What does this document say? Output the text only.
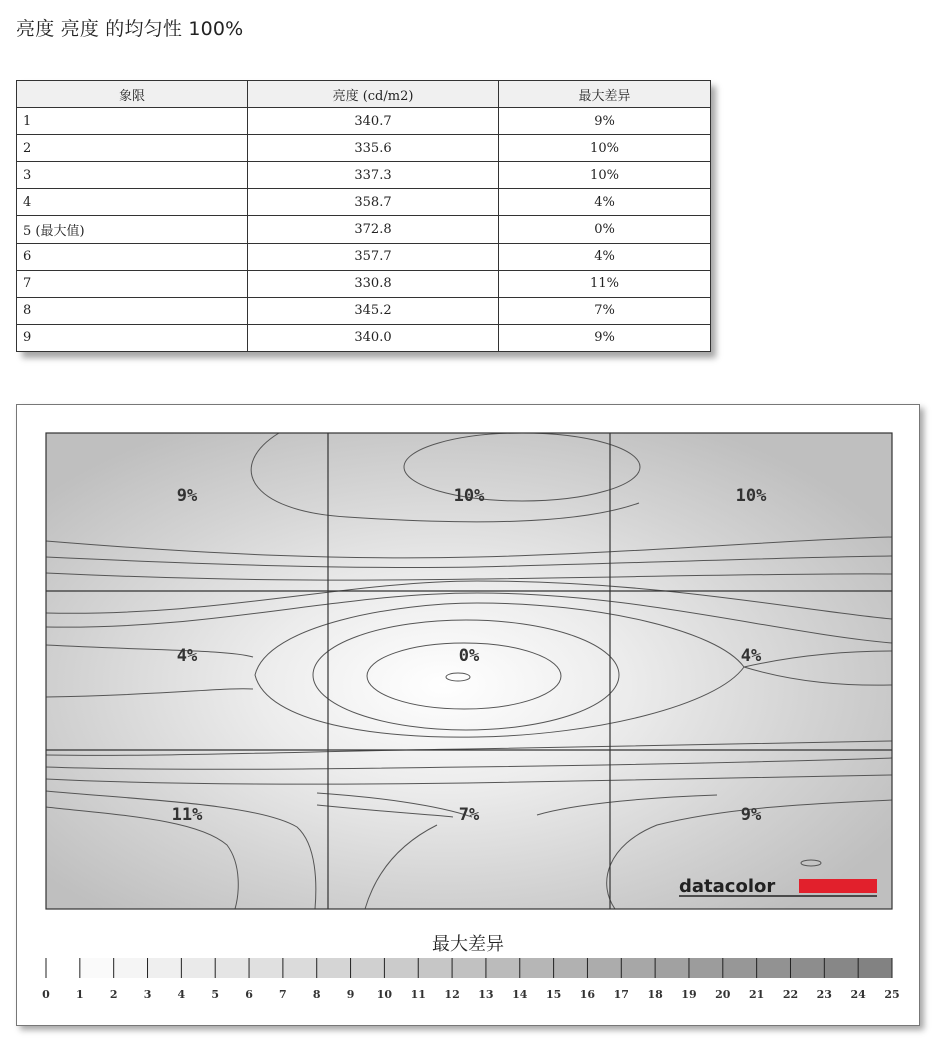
亮度 亮度 的均匀性 100%
象限	亮度 (cd/m2)	最大差异
1	340.7	9%
2	335.6	10%
3	337.3	10%
4	358.7	4%
5 (最大值)	372.8	0%
6	357.7	4%
7	330.8	11%
8	345.2	7%
9	340.0	9%
9%	10%	10%
4%	0%	4%
11%	7%	9%
datacolor
最大差异
0 1 2 3 4 5 6 7 8 9 10 11 12 13 14 15 16 17 18 19 20 21 22 23 24 25
